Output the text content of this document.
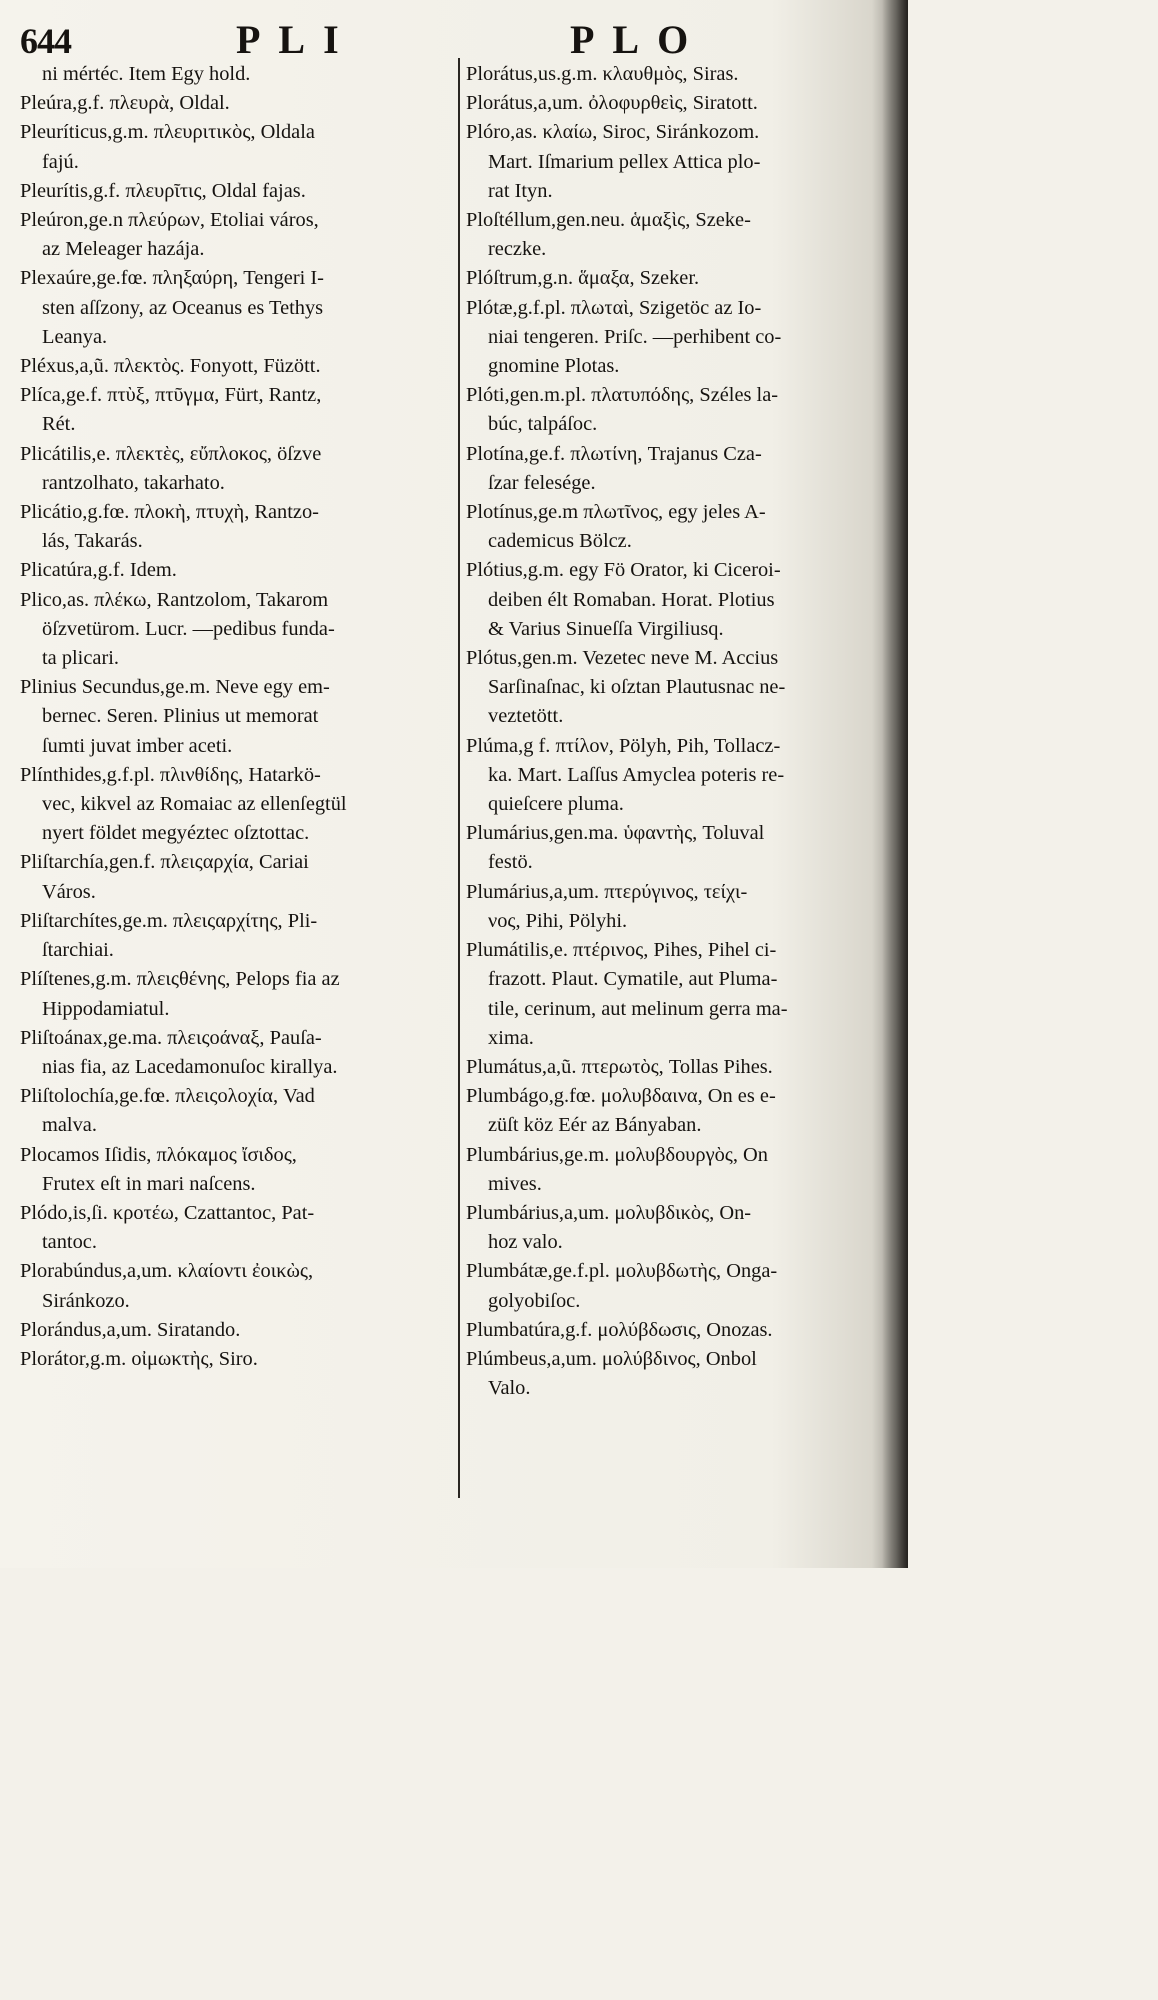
644	PLI	PLO

ni mértéc. Item Egy hold.

Pleúra,g.f. πλευρὰ, Oldal.

Pleuríticus,g.m. πλευριτικὸς, Oldala
fajú.

Pleurítis,g.f. πλευρῖτις, Oldal fajas.

Pleúron,ge.n πλεύρων, Etoliai város,
az Meleager hazája.

Plexaúre,ge.fœ. πληξαύρη, Tengeri I-
sten aſſzony, az Oceanus es Tethys
Leanya.

Pléxus,a,ũ. πλεκτὸς. Fonyott, Füzött.

Plíca,ge.f. πτὺξ, πτῦγμα, Fürt, Rantz,
Rét.

Plicátilis,e. πλεκτὲς, εὔπλοκος, öſzve
rantzolhato, takarhato.

Plicátio,g.fœ. πλοκὴ, πτυχὴ, Rantzo-
lás, Takarás.

Plicatúra,g.f. Idem.

Plico,as. πλέκω, Rantzolom, Takarom
öſzvetürom. Lucr. —pedibus funda-
ta plicari.

Plinius Secundus,ge.m. Neve egy em-
bernec. Seren. Plinius ut memorat
ſumti juvat imber aceti.

Plínthides,g.f.pl. πλινθίδης, Hatarkö-
vec, kikvel az Romaiac az ellenſegtül
nyert földet megyéztec oſztottac.

Pliſtarchía,gen.f. πλειςαρχία, Cariai
Város.

Pliſtarchítes,ge.m. πλειςαρχίτης, Pli-
ſtarchiai.

Plíſtenes,g.m. πλειςθένης, Pelops fia az
Hippodamiatul.

Pliſtoánax,ge.ma. πλειςοάναξ, Pauſa-
nias fia, az Lacedamonuſoc kirallya.

Pliſtolochía,ge.fœ. πλειςολοχία, Vad
malva.

Plocamos Iſidis, πλόκαμος ἴσιδος,
Frutex eſt in mari naſcens.

Plódo,is,ſi. κροτέω, Czattantoc, Pat-
tantoc.

Plorabúndus,a,um. κλαίοντι ἐοικὼς,
Siránkozo.

Plorándus,a,um. Siratando.

Plorátor,g.m. οἰμωκτὴς, Siro.

Plorátus,us.g.m. κλαυθμὸς, Siras.

Plorátus,a,um. ὀλοφυρθεὶς, Siratott.

Plóro,as. κλαίω, Siroc, Siránkozom.
Mart. Iſmarium pellex Attica plo-
rat Ityn.

Ploſtéllum,gen.neu. ἁμαξὶς, Szeke-
reczke.

Plóſtrum,g.n. ἅμαξα, Szeker.

Plótæ,g.f.pl. πλωταὶ, Szigetöc az Io-
niai tengeren. Priſc. —perhibent co-
gnomine Plotas.

Plóti,gen.m.pl. πλατυπόδης, Széles la-
búc, talpáſoc.

Plotína,ge.f. πλωτίνη, Trajanus Cza-
ſzar felesége.

Plotínus,ge.m πλωτῖνος, egy jeles A-
cademicus Bölcz.

Plótius,g.m. egy Fö Orator, ki Ciceroi-
deiben élt Romaban. Horat. Plotius
& Varius Sinueſſa Virgiliusq.

Plótus,gen.m. Vezetec neve M. Accius
Sarſinaſnac, ki oſztan Plautusnac ne-
veztetött.

Plúma,g f. πτίλον, Pölyh, Pih, Tollacz-
ka. Mart. Laſſus Amyclea poteris re-
quieſcere pluma.

Plumárius,gen.ma. ὑφαντὴς, Toluval
festö.

Plumárius,a,um. πτερύγινος, τείχι-
νος, Pihi, Pölyhi.

Plumátilis,e. πτέρινος, Pihes, Pihel ci-
frazott. Plaut. Cymatile, aut Pluma-
tile, cerinum, aut melinum gerra ma-
xima.

Plumátus,a,ũ. πτερωτὸς, Tollas Pihes.

Plumbágo,g.fœ. μολυβδαινα, On es e-
züſt köz Eér az Bányaban.

Plumbárius,ge.m. μολυβδουργὸς, On
mives.

Plumbárius,a,um. μολυβδικὸς, On-
hoz valo.

Plumbátæ,ge.f.pl. μολυβδωτὴς, Onga-
golyobiſoc.

Plumbatúra,g.f. μολύβδωσις, Onozas.

Plúmbeus,a,um. μολύβδινος, Onbol
Valo.
